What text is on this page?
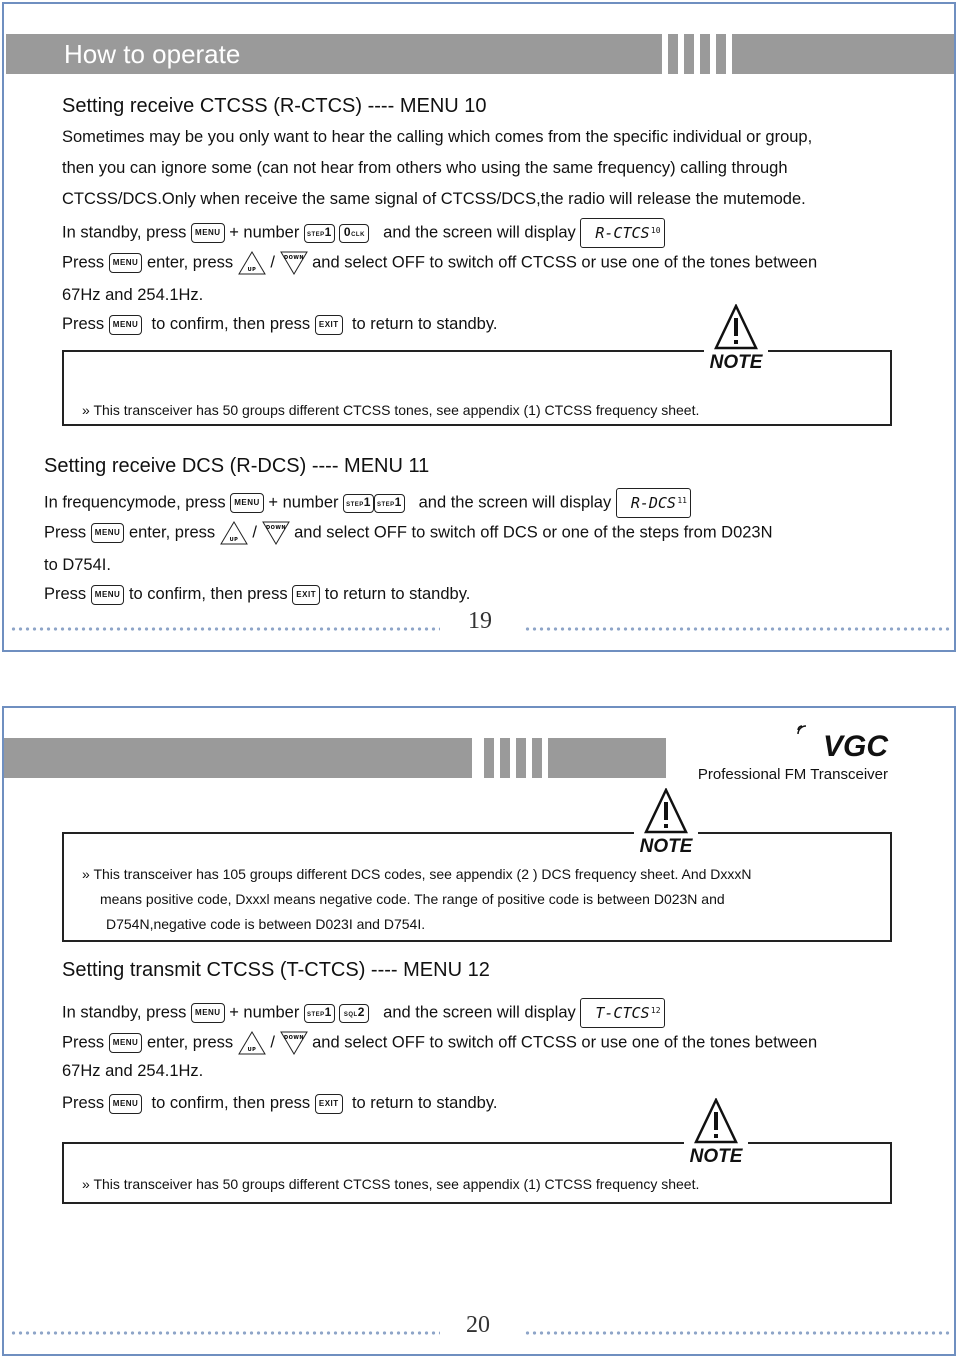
How to operate
Setting receive CTCSS (R-CTCS) ---- MENU 10
Sometimes may be you only want to hear the calling which comes from the specific individual or group,
then you can ignore some (can not hear from others who using the same frequency) calling through
CTCSS/DCS.Only when receive the same signal of CTCSS/DCS,the radio will release the mutemode.
In standby, press MENU + number STEP1 0CLK and the screen will display R-CTCS 10
Press MENU enter, press	UP / DOWN and select OFF to switch off CTCSS or use one of the tones between
67Hz and 254.1Hz.
Press MENU to confirm, then press EXIT to return to standby.
» This transceiver has 50 groups different CTCSS tones, see appendix (1) CTCSS frequency sheet.
NOTE
Setting receive DCS (R-DCS) ---- MENU 11
In frequencymode, press MENU + number STEP1 STEP1 and the screen will display R-DCS 11
Press MENU enter, press	UP / DOWN and select OFF to switch off DCS or one of the steps from D023N
to D754I.
Press MENU to confirm, then press EXIT to return to standby.
19
VGC
Professional FM Transceiver
» This transceiver has 105 groups different DCS codes, see appendix (2 ) DCS frequency sheet. And DxxxN
means positive code, Dxxxl means negative code. The range of positive code is between D023N and
D754N,negative code is between D023I and D754I.
NOTE
Setting transmit CTCSS (T-CTCS) ---- MENU 12
In standby, press MENU + number STEP1 SQL2 and the screen will display T-CTCS 12
Press MENU enter, press	UP / DOWN and select OFF to switch off CTCSS or use one of the tones between
67Hz and 254.1Hz.
Press MENU to confirm, then press EXIT to return to standby.
» This transceiver has 50 groups different CTCSS tones, see appendix (1) CTCSS frequency sheet.
NOTE
20
